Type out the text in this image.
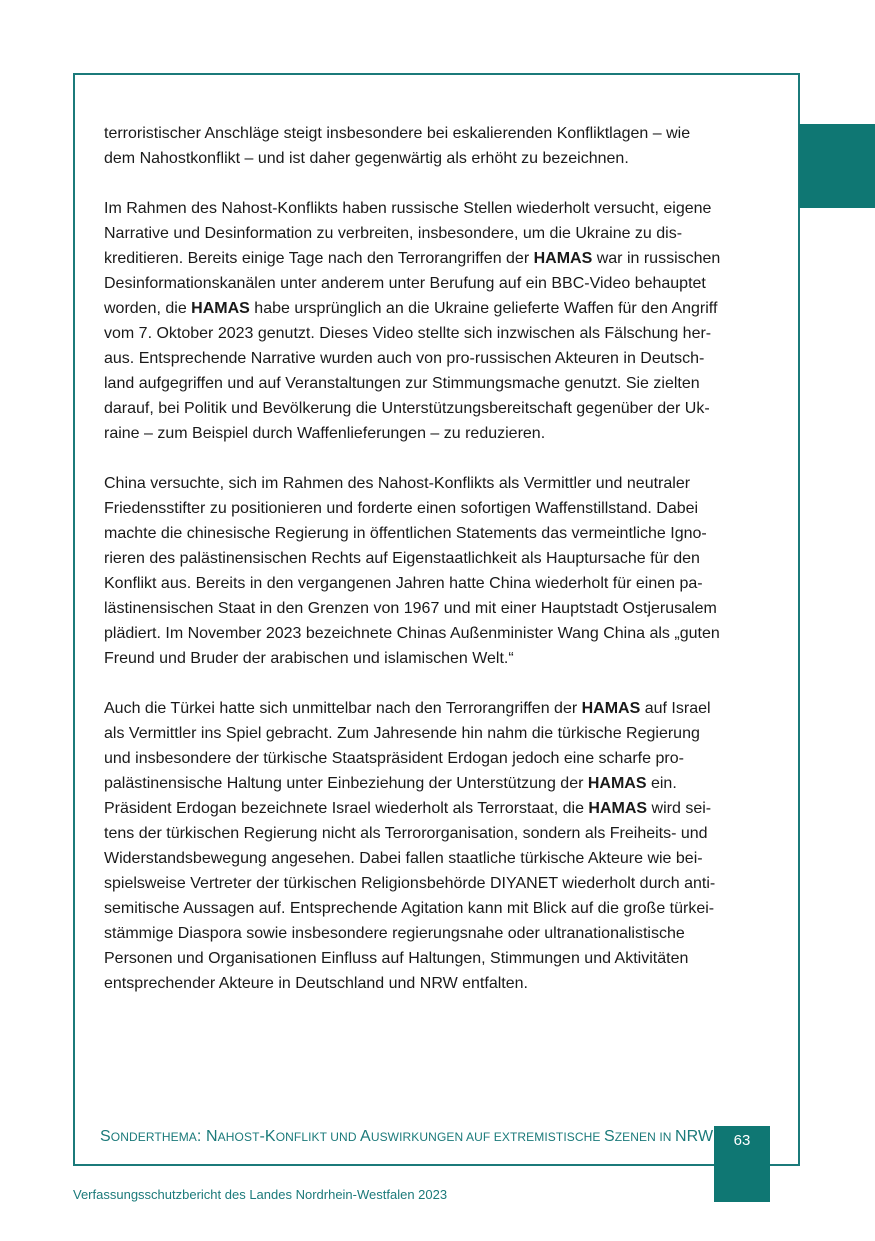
terroristischer Anschläge steigt insbesondere bei eskalierenden Konfliktlagen – wie
dem Nahostkonflikt – und ist daher gegenwärtig als erhöht zu bezeichnen.

Im Rahmen des Nahost-Konflikts haben russische Stellen wiederholt versucht, eigene
Narrative und Desinformation zu verbreiten, insbesondere, um die Ukraine zu dis-
kreditieren. Bereits einige Tage nach den Terrorangriffen der HAMAS war in russischen
Desinformationskanälen unter anderem unter Berufung auf ein BBC-Video behauptet
worden, die HAMAS habe ursprünglich an die Ukraine gelieferte Waffen für den Angriff
vom 7. Oktober 2023 genutzt. Dieses Video stellte sich inzwischen als Fälschung her-
aus. Entsprechende Narrative wurden auch von pro-russischen Akteuren in Deutsch-
land aufgegriffen und auf Veranstaltungen zur Stimmungsmache genutzt. Sie zielten
darauf, bei Politik und Bevölkerung die Unterstützungsbereitschaft gegenüber der Uk-
raine – zum Beispiel durch Waffenlieferungen – zu reduzieren.

China versuchte, sich im Rahmen des Nahost-Konflikts als Vermittler und neutraler
Friedensstifter zu positionieren und forderte einen sofortigen Waffenstillstand. Dabei
machte die chinesische Regierung in öffentlichen Statements das vermeintliche Igno-
rieren des palästinensischen Rechts auf Eigenstaatlichkeit als Hauptursache für den
Konflikt aus. Bereits in den vergangenen Jahren hatte China wiederholt für einen pa-
lästinensischen Staat in den Grenzen von 1967 und mit einer Hauptstadt Ostjerusalem
plädiert. Im November 2023 bezeichnete Chinas Außenminister Wang China als „guten
Freund und Bruder der arabischen und islamischen Welt.“

Auch die Türkei hatte sich unmittelbar nach den Terrorangriffen der HAMAS auf Israel
als Vermittler ins Spiel gebracht. Zum Jahresende hin nahm die türkische Regierung
und insbesondere der türkische Staatspräsident Erdogan jedoch eine scharfe pro-
palästinensische Haltung unter Einbeziehung der Unterstützung der HAMAS ein.
Präsident Erdogan bezeichnete Israel wiederholt als Terrorstaat, die HAMAS wird sei-
tens der türkischen Regierung nicht als Terrororganisation, sondern als Freiheits- und
Widerstandsbewegung angesehen. Dabei fallen staatliche türkische Akteure wie bei-
spielsweise Vertreter der türkischen Religionsbehörde DIYANET wiederholt durch anti-
semitische Aussagen auf. Entsprechende Agitation kann mit Blick auf die große türkei-
stämmige Diaspora sowie insbesondere regierungsnahe oder ultranationalistische
Personen und Organisationen Einfluss auf Haltungen, Stimmungen und Aktivitäten
entsprechender Akteure in Deutschland und NRW entfalten.

SONDERTHEMA: NAHOST-KONFLIKT UND AUSWIRKUNGEN AUF EXTREMISTISCHE SZENEN IN NRW	63
Verfassungsschutzbericht des Landes Nordrhein-Westfalen 2023
